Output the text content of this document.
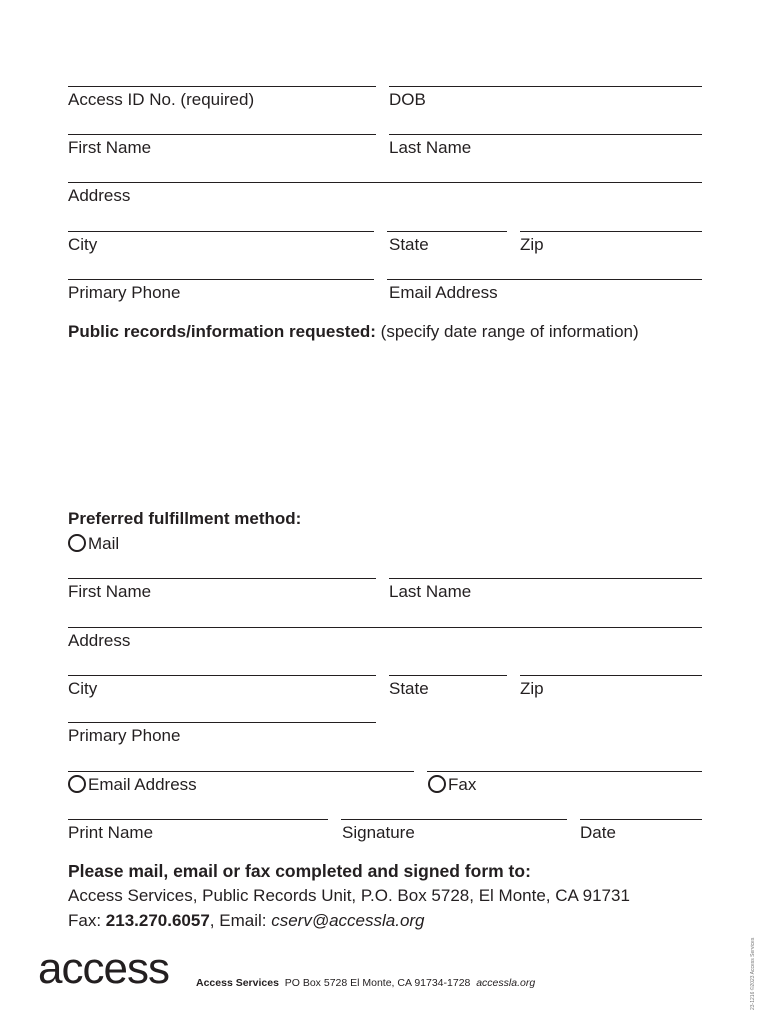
Access ID No. (required)	DOB
First Name	Last Name
Address
City	State	Zip
Primary Phone	Email Address
Public records/information requested: (specify date range of information)
Preferred fulfillment method:
Mail
First Name	Last Name
Address
City	State	Zip
Primary Phone
Email Address	Fax
Print Name	Signature	Date
Please mail, email or fax completed and signed form to:
Access Services, Public Records Unit, P.O. Box 5728, El Monte, CA 91731
Fax: 213.270.6057, Email: cserv@accessla.org
access	Access Services PO Box 5728 El Monte, CA 91734-1728 accessla.org	23-1216 ©2023 Access Services
